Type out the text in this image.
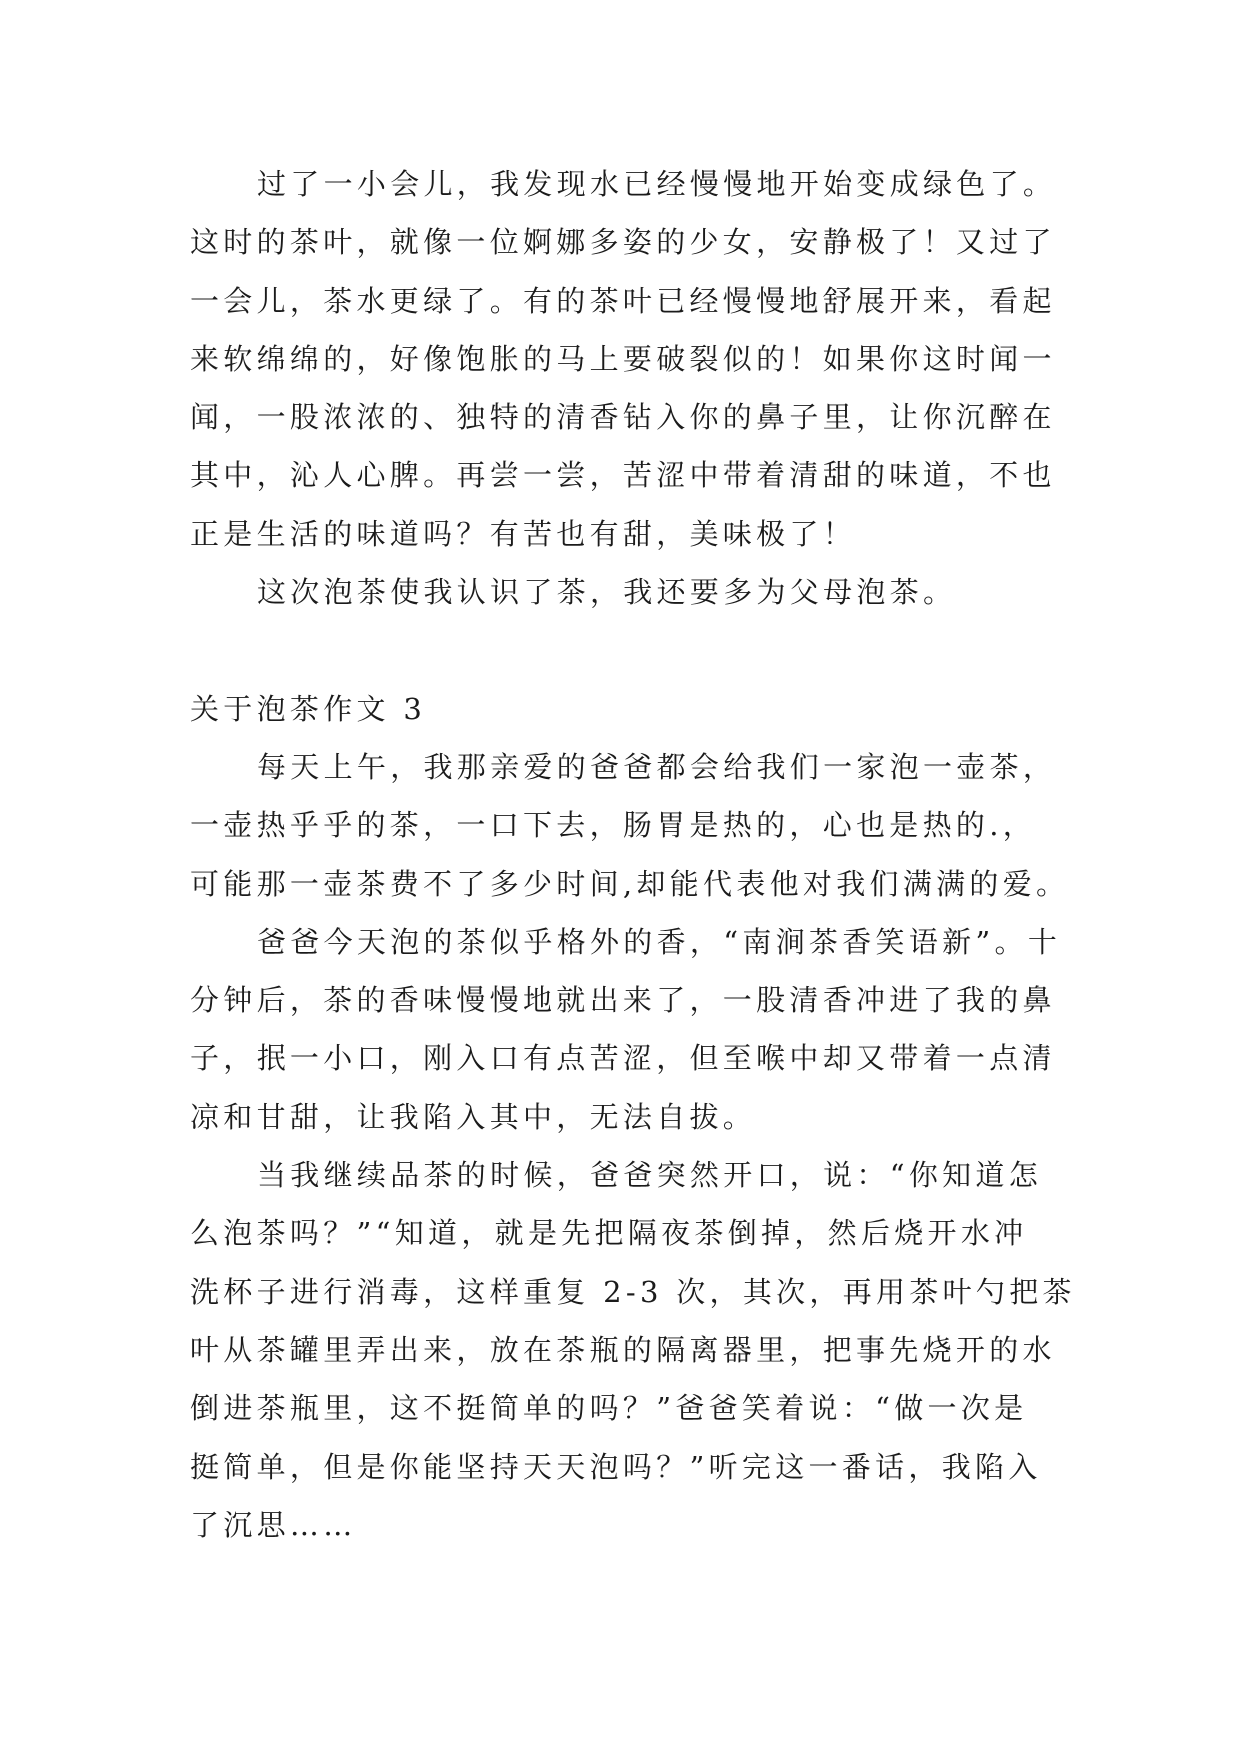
过了一小会儿，我发现水已经慢慢地开始变成绿色了。
这时的茶叶，就像一位婀娜多姿的少女，安静极了！又过了
一会儿，茶水更绿了。有的茶叶已经慢慢地舒展开来，看起
来软绵绵的，好像饱胀的马上要破裂似的！如果你这时闻一
闻，一股浓浓的、独特的清香钻入你的鼻子里，让你沉醉在
其中，沁人心脾。再尝一尝，苦涩中带着清甜的味道，不也
正是生活的味道吗？有苦也有甜，美味极了！
这次泡茶使我认识了茶，我还要多为父母泡茶。
关于泡茶作文 3
每天上午，我那亲爱的爸爸都会给我们一家泡一壶茶，
一壶热乎乎的茶，一口下去，肠胃是热的，心也是热的.，
可能那一壶茶费不了多少时间,却能代表他对我们满满的爱。
爸爸今天泡的茶似乎格外的香，“南涧茶香笑语新”。十
分钟后，茶的香味慢慢地就出来了，一股清香冲进了我的鼻
子，抿一小口，刚入口有点苦涩，但至喉中却又带着一点清
凉和甘甜，让我陷入其中，无法自拔。
当我继续品茶的时候，爸爸突然开口，说：“你知道怎
么泡茶吗？”“知道，就是先把隔夜茶倒掉，然后烧开水冲
洗杯子进行消毒，这样重复 2-3 次，其次，再用茶叶勺把茶
叶从茶罐里弄出来，放在茶瓶的隔离器里，把事先烧开的水
倒进茶瓶里，这不挺简单的吗？”爸爸笑着说：“做一次是
挺简单，但是你能坚持天天泡吗？”听完这一番话，我陷入
了沉思……
